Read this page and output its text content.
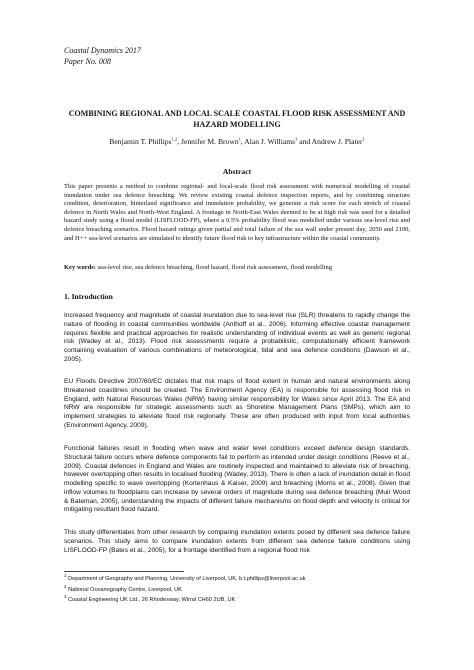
Coastal Dynamics 2017
Paper No. 008
COMBINING REGIONAL AND LOCAL SCALE COASTAL FLOOD RISK ASSESSMENT AND HAZARD MODELLING
Benjamin T. Phillips$^{1,2}$, Jennifer M. Brown$^1$, Alan J. Williams$^3$ and Andrew J. Plater$^1$
Abstract
This paper presents a method to combine regional- and local-scale flood risk assessment with numerical modelling of coastal inundation under sea defence breaching. We review existing coastal defence inspection reports, and by combining structure condition, deterioration, hinterland significance and inundation probability, we generate a risk score for each stretch of coastal defence in North Wales and North-West England. A frontage in North-East Wales deemed to be at high risk was used for a detailed hazard study using a flood model (LISFLOOD-FP), where a 0.5% probability flood was modelled under various sea-level rise and defence breaching scenarios. Flood hazard ratings given partial and total failure of the sea wall under present day, 2050 and 2100, and H++ sea-level scenarios are simulated to identify future flood risk to key infrastructure within the coastal community.
Key words: sea-level rise, sea defence breaching, flood hazard, flood risk assessment, flood modelling
1. Introduction
Increased frequency and magnitude of coastal inundation due to sea-level rise (SLR) threatens to rapidly change the nature of flooding in coastal communities worldwide (Anthoff et al., 2006). Informing effective coastal management requires flexible and practical approaches for realistic understanding of individual events as well as generic regional risk (Wadey et al., 2013). Flood risk assessments require a probabilistic, computationally efficient framework containing evaluation of various combinations of meteorological, tidal and sea defence conditions (Dawson et al., 2005).
EU Floods Directive 2007/60/EC dictates that risk maps of flood extent in human and natural environments along threatened coastlines should be created. The Environment Agency (EA) is responsible for assessing flood risk in England, with Natural Resources Wales (NRW) having similar responsibility for Wales since April 2013. The EA and NRW are responsible for strategic assessments such as Shoreline Management Plans (SMPs), which aim to implement strategies to alleviate flood risk regionally. These are often produced with input from local authorities (Environment Agency, 2009).
Functional failures result in flooding when wave and water level conditions exceed defence design standards. Structural failure occurs where defence components fail to perform as intended under design conditions (Reeve et al., 2009). Coastal defences in England and Wales are routinely inspected and maintained to alleviate risk of breaching, however overtopping often results in localised flooding (Wadey, 2013). There is often a lack of inundation detail in flood modelling specific to wave overtopping (Kortenhaus & Kaiser, 2009) and breaching (Morris et al., 2008). Given that inflow volumes to floodplains can increase by several orders of magnitude during sea defence breaching (Muir Wood & Bateman, 2005), understanding the impacts of different failure mechanisms on flood depth and velocity is critical for mitigating resultant flood hazard.
This study differentiates from other research by comparing inundation extents posed by different sea defence failure scenarios. This study aims to compare inundation extents from different sea defence failure conditions using LISFLOOD-FP (Bates et al., 2005), for a frontage identified from a regional flood risk
$^1$ Department of Geography and Planning, University of Liverpool, UK, b.t.phillips@liverpool.ac.uk
$^2$ National Oceanography Centre, Liverpool, UK
$^3$ Coastal Engineering UK Ltd., 26 Rhodesway, Wirral CH60 2UB, UK
